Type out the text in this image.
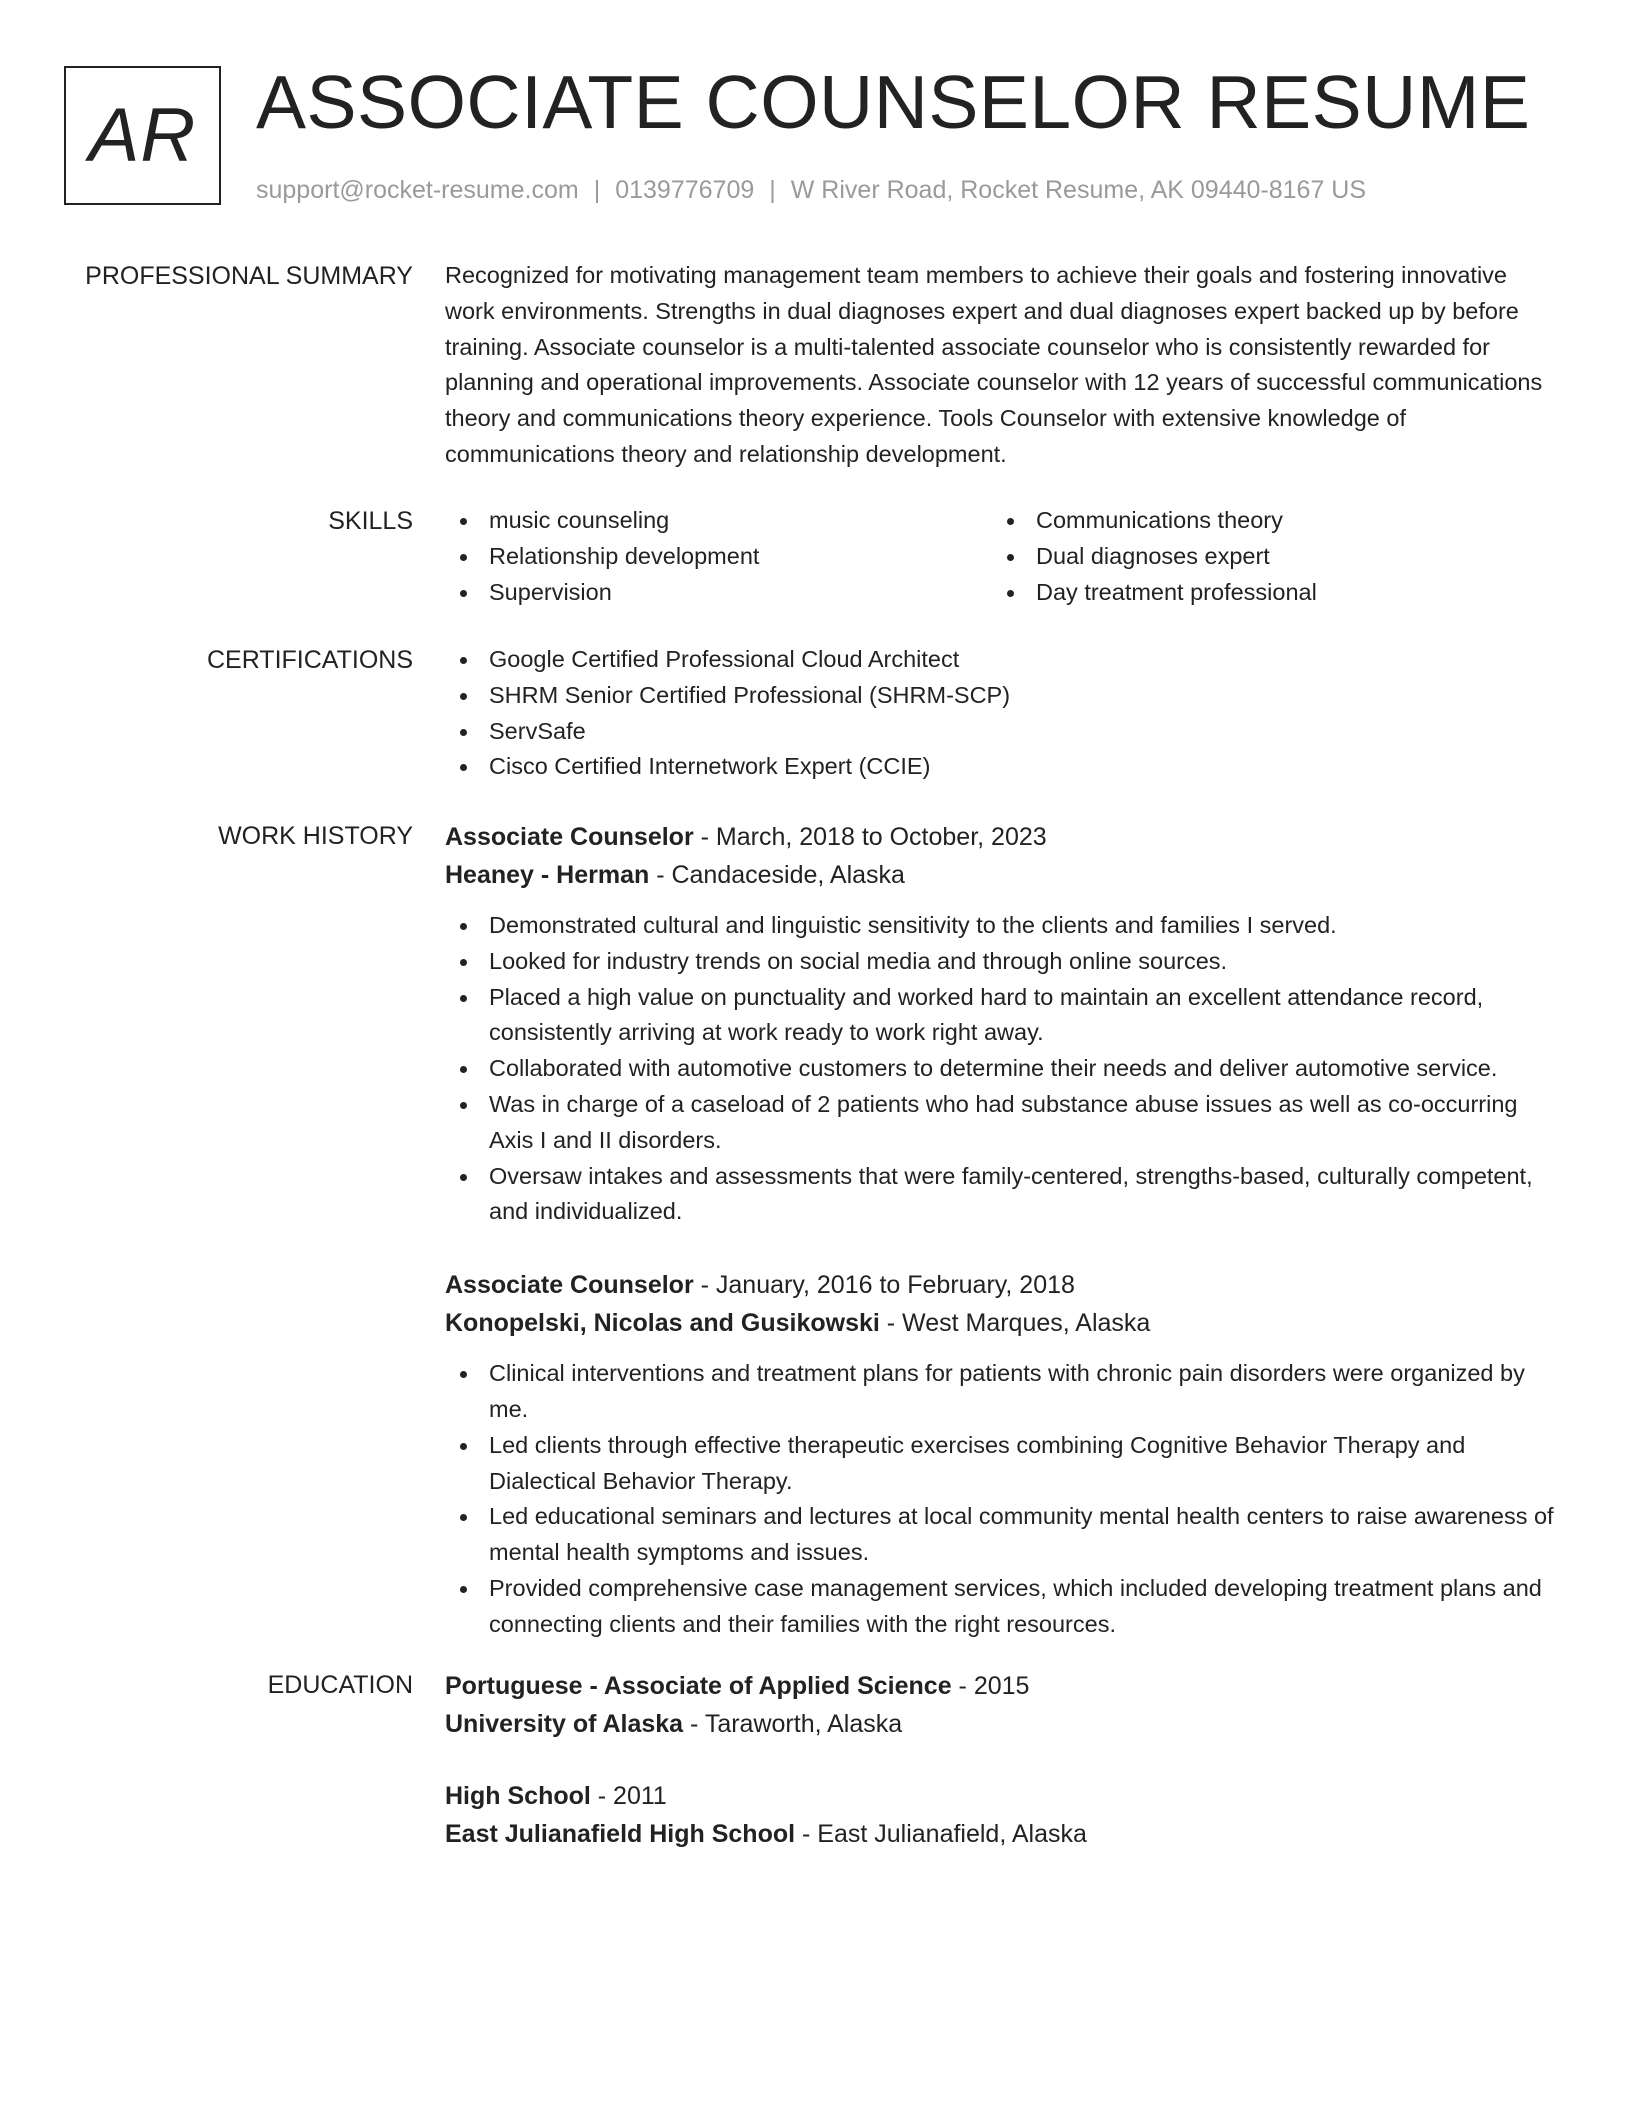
AR ASSOCIATE COUNSELOR RESUME
support@rocket-resume.com | 0139776709 | W River Road, Rocket Resume, AK 09440-8167 US
PROFESSIONAL SUMMARY Recognized for motivating management team members to achieve their goals and fostering innovative work environments. Strengths in dual diagnoses expert and dual diagnoses expert backed up by before training. Associate counselor is a multi-talented associate counselor who is consistently rewarded for planning and operational improvements. Associate counselor with 12 years of successful communications theory and communications theory experience. Tools Counselor with extensive knowledge of communications theory and relationship development.

SKILLS	music counseling
Relationship development
Supervision
Communications theory
Dual diagnoses expert
Day treatment professional
CERTIFICATIONS	Google Certified Professional Cloud Architect
SHRM Senior Certified Professional (SHRM-SCP)
ServSafe
Cisco Certified Internetwork Expert (CCIE)
WORK HISTORY Associate Counselor - March, 2018 to October, 2023
Heaney - Herman - Candaceside, Alaska
Demonstrated cultural and linguistic sensitivity to the clients and families I served.
Looked for industry trends on social media and through online sources.
Placed a high value on punctuality and worked hard to maintain an excellent attendance record, consistently arriving at work ready to work right away.
Collaborated with automotive customers to determine their needs and deliver automotive service.
Was in charge of a caseload of 2 patients who had substance abuse issues as well as co-occurring Axis I and II disorders.
Oversaw intakes and assessments that were family-centered, strengths-based, culturally competent, and individualized.
Associate Counselor - January, 2016 to February, 2018
Konopelski, Nicolas and Gusikowski - West Marques, Alaska
Clinical interventions and treatment plans for patients with chronic pain disorders were organized by me.
Led clients through effective therapeutic exercises combining Cognitive Behavior Therapy and Dialectical Behavior Therapy.
Led educational seminars and lectures at local community mental health centers to raise awareness of mental health symptoms and issues.
Provided comprehensive case management services, which included developing treatment plans and connecting clients and their families with the right resources.
EDUCATION Portuguese - Associate of Applied Science - 2015
University of Alaska - Taraworth, Alaska
High School - 2011
East Julianafield High School - East Julianafield, Alaska
